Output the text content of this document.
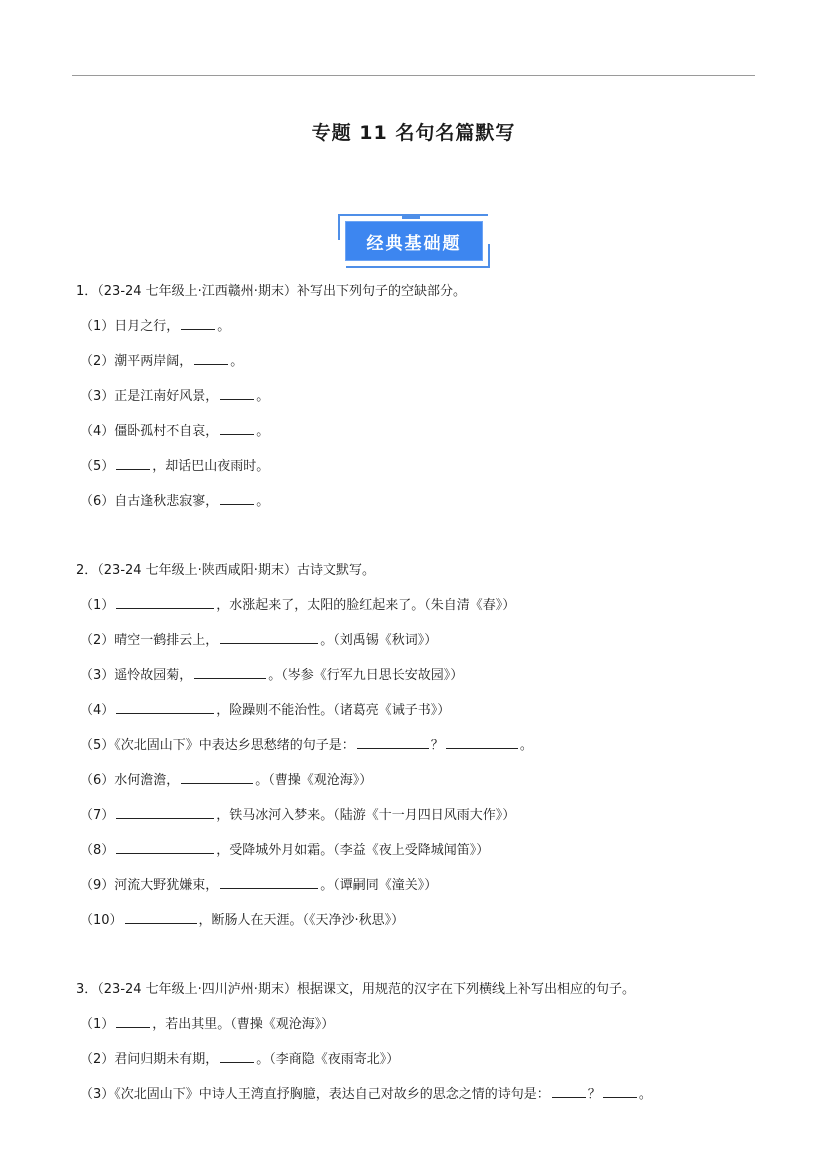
专题 11 名句名篇默写
经典基础题
1．（23-24 七年级上·江西赣州·期末）补写出下列句子的空缺部分。
（1）日月之行，	。
（2）潮平两岸阔，	。
（3）正是江南好风景，	。
（4）僵卧孤村不自哀，	。
（5）	，却话巴山夜雨时。
（6）自古逢秋悲寂寥，	。
2．（23-24 七年级上·陕西咸阳·期末）古诗文默写。
（1）	，水涨起来了，太阳的脸红起来了。（朱自清《春》）
（2）晴空一鹤排云上，	。（刘禹锡《秋词》）
（3）遥怜故园菊，	。（岑参《行军九日思长安故园》）
（4）	，险躁则不能治性。（诸葛亮《诫子书》）
（5）《次北固山下》中表达乡思愁绪的句子是：	？	。
（6）水何澹澹，	。（曹操《观沧海》）
（7）	，铁马冰河入梦来。（陆游《十一月四日风雨大作》）
（8）	，受降城外月如霜。（李益《夜上受降城闻笛》）
（9）河流大野犹嫌束，	。（谭嗣同《潼关》）
（10）	，断肠人在天涯。（《天净沙·秋思》）
3．（23-24 七年级上·四川泸州·期末）根据课文，用规范的汉字在下列横线上补写出相应的句子。
（1）	，若出其里。（曹操《观沧海》）
（2）君问归期未有期，	。（李商隐《夜雨寄北》）
（3）《次北固山下》中诗人王湾直抒胸臆，表达自己对故乡的思念之情的诗句是：	？	。
